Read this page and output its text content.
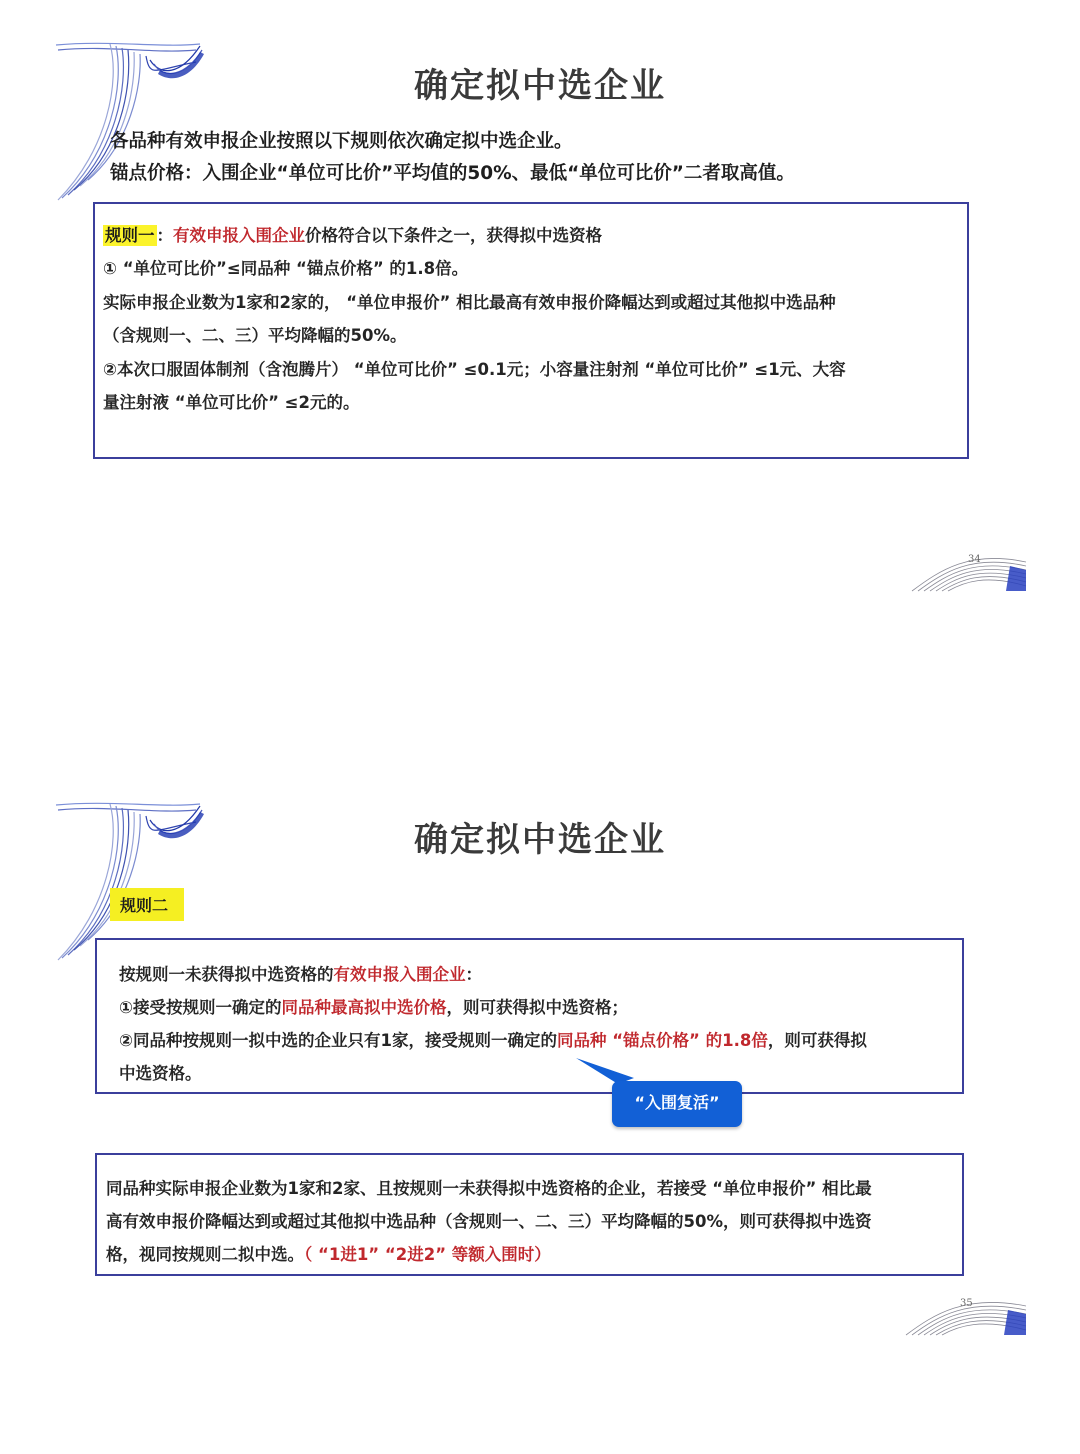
确定拟中选企业
各品种有效申报企业按照以下规则依次确定拟中选企业。
锚点价格：入围企业“单位可比价”平均值的50%、最低“单位可比价”二者取高值。
规则一 ：有效申报入围企业价格符合以下条件之一，获得拟中选资格
① “单位可比价”≤同品种 “锚点价格” 的1.8倍。
实际申报企业数为1家和2家的， “单位申报价” 相比最高有效申报价降幅达到或超过其他拟中选品种
（含规则一、二、三）平均降幅的50%。
②本次口服固体制剂（含泡腾片） “单位可比价” ≤0.1元；小容量注射剂 “单位可比价” ≤1元、大容
量注射液 “单位可比价” ≤2元的。
34
确定拟中选企业
规则二
按规则一未获得拟中选资格的有效申报入围企业：
①接受按规则一确定的同品种最高拟中选价格，则可获得拟中选资格；
②同品种按规则一拟中选的企业只有1家，接受规则一确定的同品种 “锚点价格” 的1.8倍，则可获得拟
中选资格。
“入围复活”
同品种实际申报企业数为1家和2家、且按规则一未获得拟中选资格的企业，若接受 “单位申报价” 相比最
高有效申报价降幅达到或超过其他拟中选品种（含规则一、二、三）平均降幅的50%，则可获得拟中选资
格，视同按规则二拟中选。（ “1进1” “2进2” 等额入围时）
35
